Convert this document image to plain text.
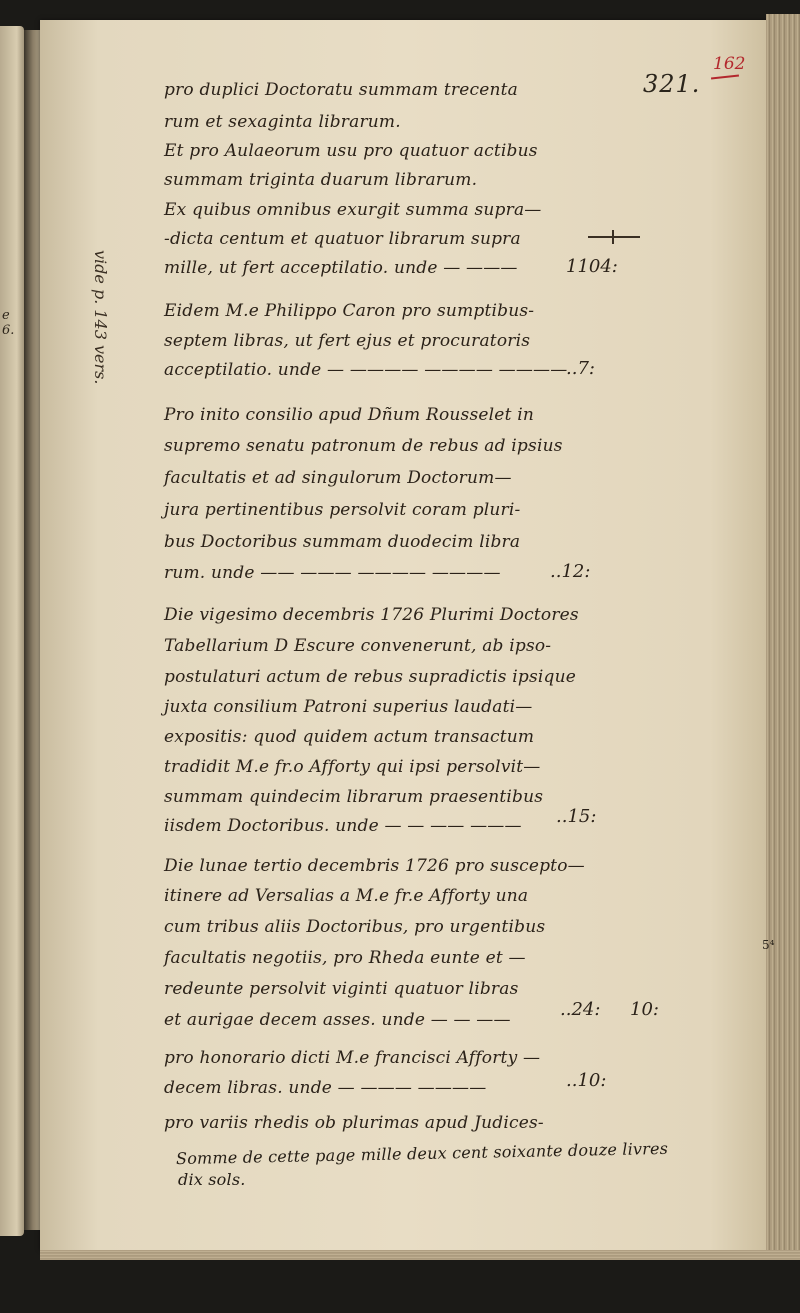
e 6.
321.
162
vide p. 143 vers.
5⁴
pro duplici Doctoratu summam trecenta
rum et sexaginta librarum.
Et pro Aulaeorum usu pro quatuor actibus
summam triginta duarum librarum.
Ex quibus omnibus exurgit summa supra—
-dicta centum et quatuor librarum supra
mille, ut fert acceptilatio. unde — ———
Eidem M.e Philippo Caron pro sumptibus-
septem libras, ut fert ejus et procuratoris
acceptilatio. unde — ———— ———— ————
Pro inito consilio apud Dñum Rousselet in
supremo senatu patronum de rebus ad ipsius
facultatis et ad singulorum Doctorum—
jura pertinentibus persolvit coram pluri-
bus Doctoribus summam duodecim libra
rum. unde —— ——— ———— ————
Die vigesimo decembris 1726 Plurimi Doctores
Tabellarium D Escure convenerunt, ab ipso-
postulaturi actum de rebus supradictis ipsique
juxta consilium Patroni superius laudati—
expositis: quod quidem actum transactum
tradidit M.e fr.o Afforty qui ipsi persolvit—
summam quindecim librarum praesentibus
iisdem Doctoribus. unde — — —— ———
Die lunae tertio decembris 1726 pro suscepto—
itinere ad Versalias a M.e fr.e Afforty una
cum tribus aliis Doctoribus, pro urgentibus
facultatis negotiis, pro Rheda eunte et —
redeunte persolvit viginti quatuor libras
et aurigae decem asses. unde — — ——
pro honorario dicti M.e francisci Afforty —
decem libras. unde — ——— ————
pro variis rhedis ob plurimas apud Judices-
Somme de cette page mille deux cent soixante douze livres
dix sols.
1104:
..7:
..12:
..15:
..24: 10:
..10:
